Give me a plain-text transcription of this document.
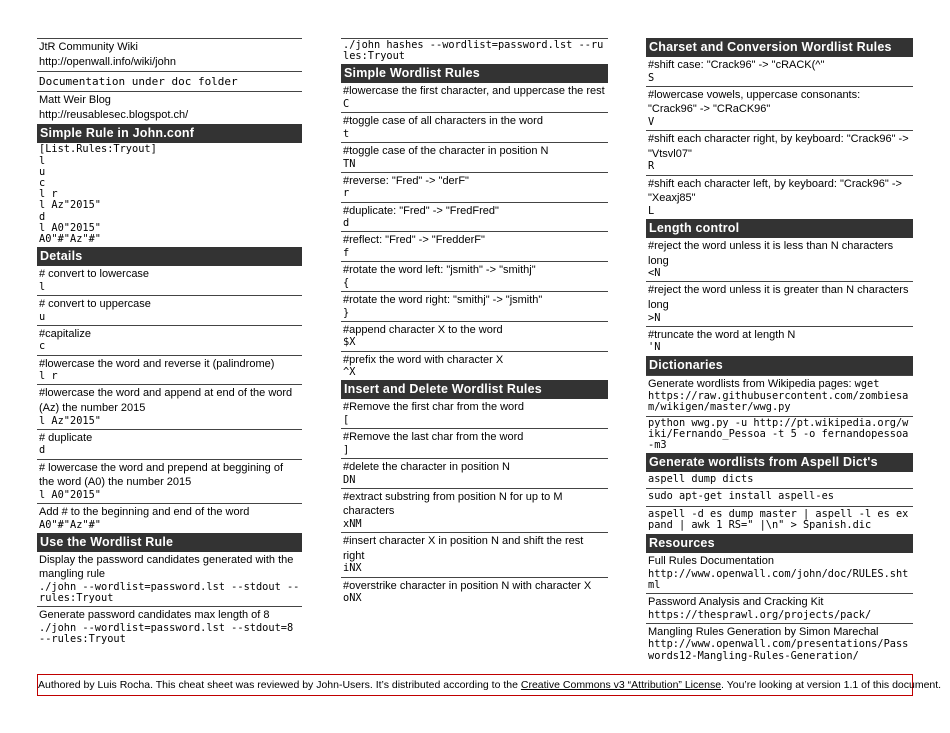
JtR Community Wiki
http://openwall.info/wiki/john
Documentation under doc folder
Matt Weir Blog
http://reusablesec.blogspot.ch/
Simple Rule in John.conf
[List.Rules:Tryout]
l
u
c
l r
l Az"2015"
d
l A0"2015"
A0"#"Az"#"
Details
# convert to lowercase
l
# convert to uppercase
u
#capitalize
c
#lowercase the word and reverse it (palindrome)
l r
#lowercase the word and append at end of the word (Az) the number 2015
l Az"2015"
# duplicate
d
# lowercase the word and prepend at beggining of the word (A0) the number 2015
l A0"2015"
Add # to the beginning and end of the word
A0"#"Az"#"
Use the Wordlist Rule
Display the password candidates generated with the mangling rule
./john --wordlist=password.lst --stdout --rules:Tryout
Generate password candidates max length of 8
./john --wordlist=password.lst --stdout=8 --rules:Tryout
./john hashes --wordlist=password.lst --rules:Tryout
Simple Wordlist Rules
#lowercase the first character, and uppercase the rest
C
#toggle case of all characters in the word
t
#toggle case of the character in position N
TN
#reverse: "Fred" -> "derF"
r
#duplicate: "Fred" -> "FredFred"
d
#reflect: "Fred" -> "FredderF"
f
#rotate the word left: "jsmith" -> "smithj"
{
#rotate the word right: "smithj" -> "jsmith"
}
#append character X to the word
$X
#prefix the word with character X
^X
Insert and Delete Wordlist Rules
#Remove the first char from the word
[
#Remove the last char from the word
]
#delete the character in position N
DN
#extract substring from position N for up to M characters
xNM
#insert character X in position N and shift the rest right
iNX
#overstrike character in position N with character X
oNX
Charset and Conversion Wordlist Rules
#shift case: "Crack96" -> "cRACK(^"
S
#lowercase vowels, uppercase consonants: "Crack96" -> "CRaCK96"
V
#shift each character right, by keyboard: "Crack96" -> "Vtsvl07"
R
#shift each character left, by keyboard: "Crack96" -> "Xeaxj85"
L
Length control
#reject the word unless it is less than N characters long
<N
#reject the word unless it is greater than N characters long
>N
#truncate the word at length N
'N
Dictionaries
Generate wordlists from Wikipedia pages: wget
https://raw.githubusercontent.com/zombiesam/wikigen/master/wwg.py
python wwg.py -u http://pt.wikipedia.org/wiki/Fernando_Pessoa -t 5 -o fernandopessoa -m3
Generate wordlists from Aspell Dict's
aspell dump dicts
sudo apt-get install aspell-es
aspell -d es dump master | aspell -l es expand | awk 1 RS=" |\n" > Spanish.dic
Resources
Full Rules Documentation
http://www.openwall.com/john/doc/RULES.shtml
Password Analysis and Cracking Kit
https://thesprawl.org/projects/pack/
Mangling Rules Generation by Simon Marechal
http://www.openwall.com/presentations/Passwords12-Mangling-Rules-Generation/
Authored by Luis Rocha. This cheat sheet was reviewed by John-Users. It’s distributed according to the Creative Commons v3 “Attribution” License. You’re looking at version 1.1 of this document.
